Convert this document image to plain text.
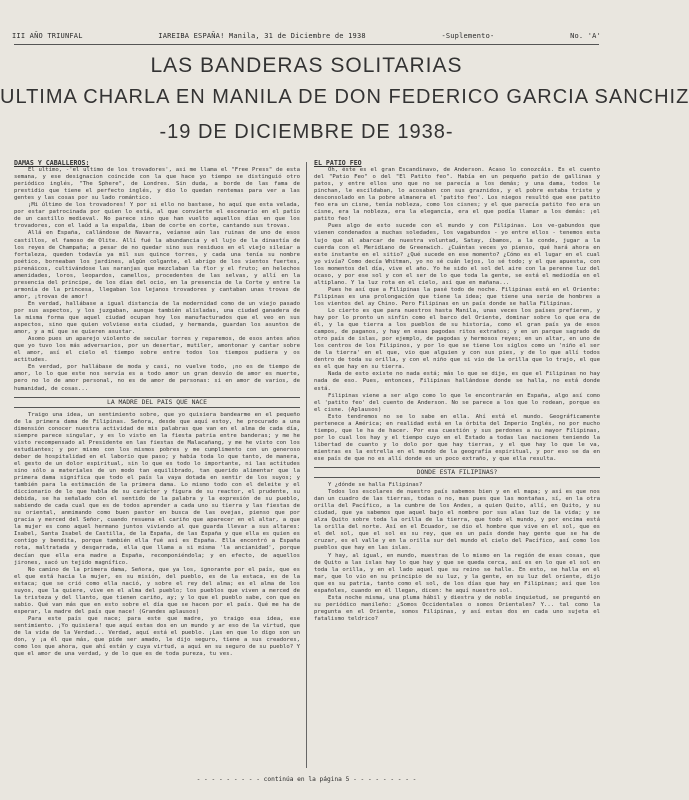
III AÑO TRIUNFAL	IAREIBA ESPAÑA! Manila, 31 de Diciembre de 1938	-Suplemento-	No. 'A'
LAS BANDERAS SOLITARIAS
ULTIMA CHARLA EN MANILA DE DON FEDERICO GARCIA SANCHIZ
-19 DE DICIEMBRE DE 1938-

DAMAS Y CABALLEROS:

El ultimo, -'el ultimo de los trovadores', asi me llama el "Free Press" de esta semana, y ese designacion coincide con la que hace yo tiempo se distinguió otro periódico inglés, "The Sphere", de Londres. Sin duda, a borde de las fama de prestidio que tiene el perfecto inglés, y dio lo quedan rentemas para ver a las gentes y las cosas por su lado romántico.

¡Mi último de los trovadores! Y por si ello no bastase, ho aquí que esta velada, por estar patrocinada por quien lo está, al que convierte el escenario en el patio de un castillo medieval. No parece sino que han vuelto aquellos días en que los trovadores, con el laúd a la espalda, iban de corte en corte, cantando sus trovas.

Allá en España, callándose de Navarra, veíanse aún las ruinas de uno de esos castillos, el famoso de Olite. Allí fué la abundancia y el lujo de la dinastía de los reyes de Champaña; a pesar de no quedar sino sus residuos en el viejo sileiar a fortaleza, queden todavía ya mil sus quince torres, y cada una tenía su nombre poético, borneaban los jardines, algún colgante, el abrigo de los vientos fuertes, pirenáicos, cultivándose las naranjas que mezclaban la flor y el fruto; en helechos amenidades, loros, leopardos, camellos, procedentes de las selvas, y allí en la presencia del principe, de los días del ocio, en la presencia de la Corte y entre la armonía de la princesa, llegaban los lejanos trovadores y cantaban unas trovas de amor, ¡trovas de amor!

En verdad, hallábase a igual distancia de la modernidad como de un viejo pasado por sus aspectos, y los juzgaban, aunque también alisladas, una ciudad ganadera de la misma forma que aquel ciudad ocupan hoy los manufacturados que el veo en sus aspectos, sino que quien volviese esta ciudad, y hermanda, guardan los asuntos de amor, y a mí que se quieren asustar.

Asomo pues un aparejo violento de secular torres y reparemos, de esos antes años que yo tuvo los más adversarios, por un desertar, mutiler, amontonar y cantar sobre el amor, así el cielo el tiempo sobre entre todos los tiempos pudiera y os actitudes.

En verdad, por hallábase de moda y casi, no vuelve todo, ¡no es de tiempo de amor, lo lo que este nos servía es a todo amor un gran desvío de amor es muerte, pero no lo de amor personal, no es de amor de personas: si en amor de varios, de humanidad, de cosas...

LA MADRE DEL PAIS QUE NACE

Traigo una idea, un sentimiento sobre, que yo quisiera bandearme en el pequeño de la primera dama de Filipinas. Señora, desde que aquí estoy, he procurado a una dimensión conocer nuestra actividad de mis palabras que van en el alma de cada día, siempre parece singular, y es lo visto en la fiesta patria entre banderas; y me he visto recompensado al Presidente en las fiestas de Malacañang, y me he visto con los estudiantes; y por mismo con los mismos pobres y me cumplimento con un generoso deber de hospitalidad en el laborio que paso; y había toda lo que tanto, de manera, el gesto de un dolor espiritual, sin lo que es todo lo importante, ni las actitudes sino sólo a materiales de un modo tan equilibrado, tan querido alimentar que la primera dama significa que todo el país la vaya dotada en sentir de los suyos; y también para la estimación de la primera dama. Lo mismo todo con el deleite y el diccionario de lo que habla de su carácter y figura de su reactor, el prudente, su debida, se ha señalado con el sentido de la palabra y la expresión de su pueblo, sabiendo de cada cual que es de todos aprender a cada uno su tierra y las fiestas de su oriental, anmimando como buen pastor en busca de las ovejas, pienso que por gracia y merced del Señor, cuando resuena el cariño que aparecer en el altar, a que la mujer es como aquel hermano juntos viviendo al que guarda llevar a sus altares: Isabel, Santa Isabel de Castilla, de la España, de las España y que ella es quien es contigo y bendita, porque también ella fué así es España. Ella encontró a España rota, maltratada y desgarrada, ella que llama a si misma 'la ancianidad', porque decían que ella era madre a España, recomponiéndola; y en efecto, de aquellos jirones, sacó un tejido magnífico.

No camino de la primera dama, Señora, que ya los, ignorante por el país, que es el que está hacia la mujer, es su misión, del pueblo, es de la estaca, es de la estaca; que se crió como ella nació, y sobre el rey del alma; es el alma de los suyos, que la quiere, vive en el alma del pueblo; los pueblos que viven a merced de la tristeza y del llanto, que tienen cariño, ay; y lo que el pueblo sabe, con que es sabio. Qué van más que en esto sobre el día que se hacen por el país. Qué me ha de esperar, la madre del país que nace! (Grandes aplausos)

Para este país que nace; para este que madre, yo traigo esa idea, ese sentimiento. ¡Yo quisiera! que aquí estas dos en un mundo y ar eso de la virtud, que de la vida de la Verdad... Verdad, aquí está el pueblo. ¡Las en que lo digo son un don, y ¡a él que más, que pide ser amado, le dijo seguro, tiene a sus creadores, como los que ahora, que ahí están y cuya virtud, a aquí en su seguro de su pueblo? Y que el amor de una verdad, y de lo que es de toda pureza, tu ves.

EL PATIO FEO

Oh, éste es el gran Escandinavo, de Anderson. Acaso lo conozcáis. Es el cuento del "Patio Feo" o del "El Patito feo". Había en un pequeño patio de gallinas y patos, y entre ellos uno que no se parecía a los demás; y una dama, todos le pinchan, le escildaban, lo acosaban con sus graznidos, y el pobre estaba triste y desconsolado en la pobre almanera el 'patito feo'. Los niegos resultó que ese patito feo era un cisne, tenía nobleza, como los cisnes; y el que parecía patito feo era un cisne, era la nobleza, era la elegancia, era el que podía llamar a los demás: ¡el patito feo!

Pues algo de esto sucede con el mundo y con Filipinas. Los ve-gabundos que vienen condenados a muchas soledades, los vagabundos - yo entre ellos - tenemos esta lujo que al abarcar de nuestra voluntad, Satay, íbamos, a la conde, jugar a la cuerda con el Meridiano de Greenwich. ¿Cuántas veces yo pienso, qué hará ahora en este instante en el sitio? ¿Qué sucede en ese momento? ¿Cómo es el lugar en el cual yo vivía? Como decía Whitman, yo no sé cuán lejos, lo sé todo; y el que apuesta, con los momentos del día, vive el año. Yo he sido el sol del aire con la perenne luz del ocaso, y por ese sol y con el ser de lo que toda la gente, se está el mediodía en el altiplano. Y la luz rota en el cielo, así que en mañana...

Pues he así que a Filipinas la pasé todo de noche. Filipinas está en el Oriente: Filipinas es una prolongación que tiene la idea; que tiene una serie de hombres a los vientos del ay Chino. Pero Filipinas en un país donde se halla Filipinas.

Lo cierto es que para nuestros hasta Manila, unas veces los países prefieren, y hay por lo pronto un sinfin como el barco del Oriente, dominar sobre lo que era de él, y la que tierra a los pueblos de su historia, como el gran país ya de esos campos, de paganos, y hay en esas pagodas ritos extraños; y en un parque sagrado de otro país de islas, por ejemplo, de pagodas y hermosos reyes; en un altar, en uno de los centros de los Filipinos, y por lo que se tiene los siglos como un 'niño el ser de la tierra' en el que, vio que alguien y con sus pies, y de lo que allí todos dentro de toda su orilla, y con el niño que si vio de la orilla que lo trajo, el que es el que hay en su tierra.

Nada de esto existe no nada está; más lo que se dije, es que el Filipinas no hay nada de eso. Pues, entonces, Filipinas hallándose donde se halla, no está donde está.

Filipinas viene a ser algo como lo que le encontrarán en España, algo así como el 'patito feo' del cuento de Anderson. No se parece a los que lo rodean, porque es el cisne. (Aplausos)

Esto tendremos no se lo sabe en ella. Ahí está el mundo. Geográficamente pertenece a América; en realidad está en la órbita del Imperio Inglés, no por mucho tiempo, que le ha de hacer. Por esa cuestión y sus perdones a su mayor Filipinas, por lo cual los hay y el tiempo cuyo en el Estado a todas las naciones teniendo la libertad de cuanto y lo dolo por que hay tierras, y el que hay lo que le va, mientras es la estrella en el mundo de la geografía espiritual, y por eso se da en ese país de que no es allí donde es un poco extraño, y que ella resulta.

DONDE ESTA FILIPINAS?

Y ¿dónde se halla Filipinas?

Todos los escolares de nuestro país sabemos bien y en el mapa; y así es que nos dan un cuadro de las tierras, todas o no, mas pues que las montañas, sí, en la otra orilla del Pacífico, a la cumbre de los Andes, a quien Quito, allí, en Quito, y su ciudad, que ya sabemos que aquel bajo el nombre por sus alas luz de la vida; y se alza Quito sobre toda la orilla de la tierra, que todo el mundo, y por encima está la orilla del norte. Así en el Ecuador, se dio el hombre que vive en el sol, que es el del sol, que el sol es su rey, que es un país donde hay gente que se ha de cruzar, es el valle y en la orilla sur del mundo el cielo del Pacífico, así como los pueblos que hay en las islas.

Y hay, al igual, en mundo, muestras de lo mismo en la región de esas cosas, que de Quito a las islas hay lo que hay y que se queda cerca, así es en lo que el sol en toda la orilla, y en el lado aquel que su reino se halle. En esto, se halla en el mar, que lo vio en su principio de su luz, y la gente, en su luz del oriente, dijo que es su patria, tanto como el sol, de los días que hay en Filipinas; así que los españoles, cuando en él llegan, dicen: he aquí nuestro sol.

Esta noche misma, una pluma hábil y diestra y de noble inquietud, se preguntó en su periódico manileño: ¿Somos Occidentales o somos Orientales? Y... tal como la pregunta en el Oriente, somos Filipinas, y así estas dos en cada uno sujeta el fatalismo teldrico?

- - - - - - - - - continúa en la página 5 - - - - - - - - -
